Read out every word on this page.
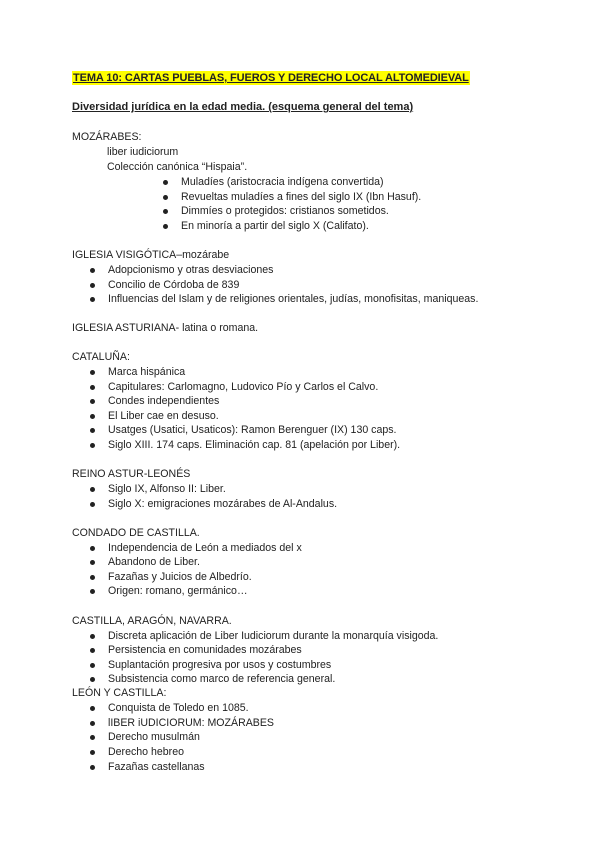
TEMA 10: CARTAS PUEBLAS, FUEROS Y DERECHO LOCAL ALTOMEDIEVAL
Diversidad jurídica en la edad media. (esquema general del tema)
MOZÁRABES:
liber iudiciorum
Colección canónica “Hispaia”.
Muladíes (aristocracia indígena convertida)
Revueltas muladíes a fines del siglo IX (Ibn Hasuf).
Dimmíes o protegidos: cristianos sometidos.
En minoría a partir del siglo X (Califato).
IGLESIA VISIGÓTICA–mozárabe
Adopcionismo y otras desviaciones
Concilio de Córdoba de 839
Influencias del Islam y de religiones orientales, judías, monofisitas, maniqueas.
IGLESIA ASTURIANA- latina o romana.
CATALUÑA:
Marca hispánica
Capitulares: Carlomagno, Ludovico Pío y Carlos el Calvo.
Condes independientes
El Liber cae en desuso.
Usatges (Usatici, Usaticos): Ramon Berenguer (IX) 130 caps.
Siglo XIII. 174 caps. Eliminación cap. 81 (apelación por Liber).
REINO ASTUR-LEONÉS
Siglo IX, Alfonso II: Liber.
Siglo X: emigraciones mozárabes de Al-Andalus.
CONDADO DE CASTILLA.
Independencia de León a mediados del x
Abandono de Liber.
Fazañas y Juicios de Albedrío.
Origen: romano, germánico…
CASTILLA, ARAGÓN, NAVARRA.
Discreta aplicación de Liber Iudiciorum durante la monarquía visigoda.
Persistencia en comunidades mozárabes
Suplantación progresiva por usos y costumbres
Subsistencia como marco de referencia general.
LEÓN Y CASTILLA:
Conquista de Toledo en 1085.
lIBER iUDICIORUM: MOZÁRABES
Derecho musulmán
Derecho hebreo
Fazañas castellanas
